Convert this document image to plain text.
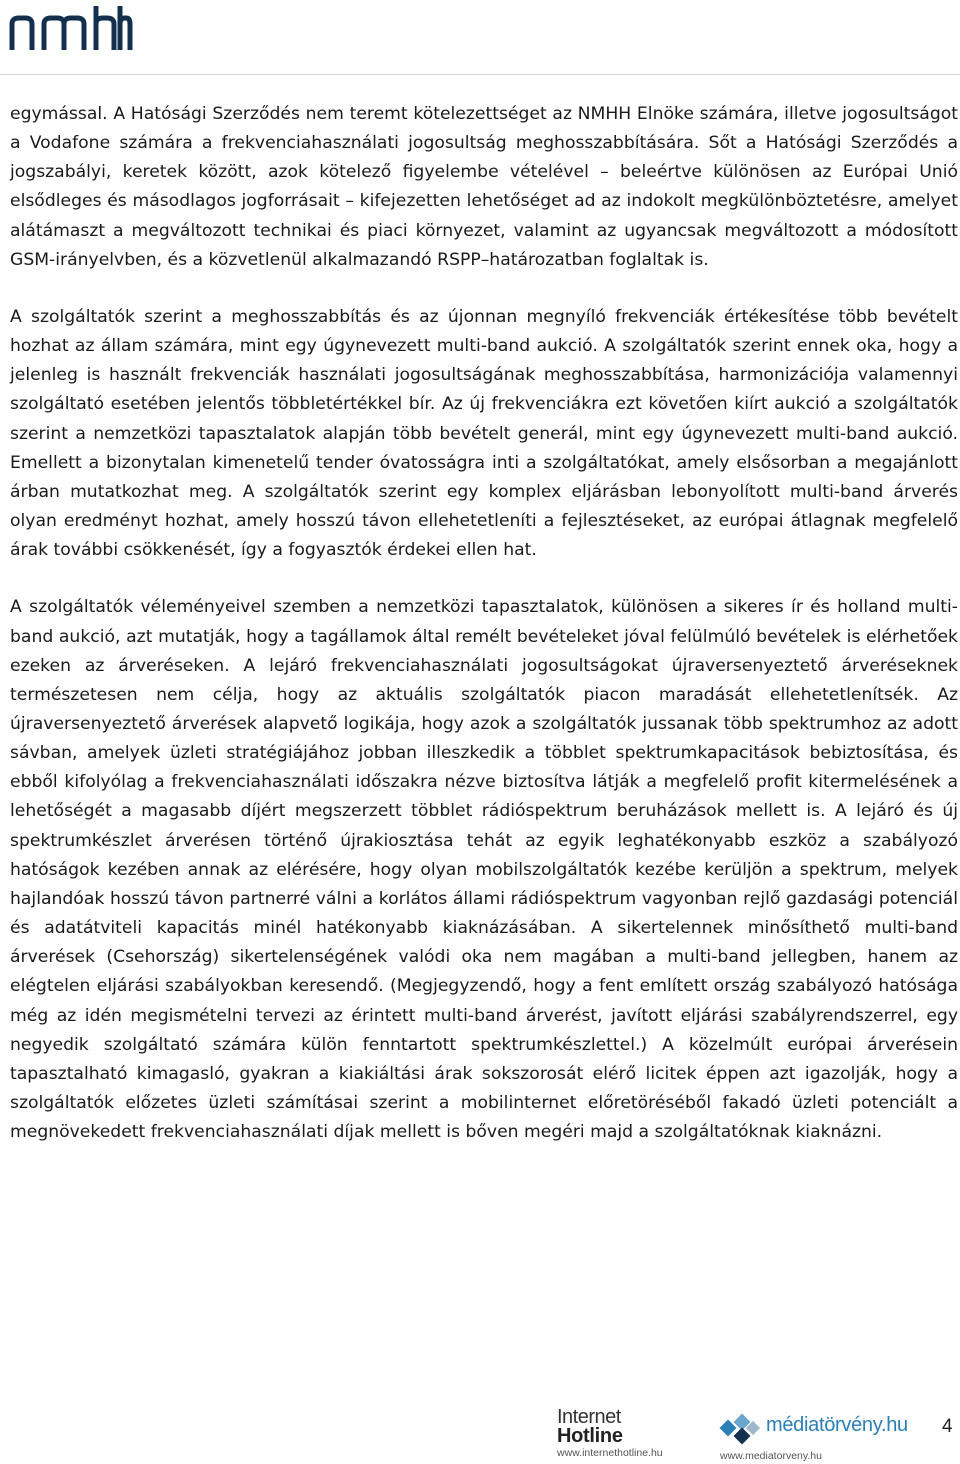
egymással. A Hatósági Szerződés nem teremt kötelezettséget az NMHH Elnöke számára, illetve jogosultságot a Vodafone számára a frekvenciahasználati jogosultság meghosszabbítására. Sőt a Hatósági Szerződés a jogszabályi, keretek között, azok kötelező figyelembe vételével – beleértve különösen az Európai Unió elsődleges és másodlagos jogforrásait – kifejezetten lehetőséget ad az indokolt megkülönböztetésre, amelyet alátámaszt a megváltozott technikai és piaci környezet, valamint az ugyancsak megváltozott a módosított GSM-irányelvben, és a közvetlenül alkalmazandó RSPP–határozatban foglaltak is.

A szolgáltatók szerint a meghosszabbítás és az újonnan megnyíló frekvenciák értékesítése több bevételt hozhat az állam számára, mint egy úgynevezett multi-band aukció. A szolgáltatók szerint ennek oka, hogy a jelenleg is használt frekvenciák használati jogosultságának meghosszabbítása, harmonizációja valamennyi szolgáltató esetében jelentős többletértékkel bír. Az új frekvenciákra ezt követően kiírt aukció a szolgáltatók szerint a nemzetközi tapasztalatok alapján több bevételt generál, mint egy úgynevezett multi-band aukció. Emellett a bizonytalan kimenetelű tender óvatosságra inti a szolgáltatókat, amely elsősorban a megajánlott árban mutatkozhat meg. A szolgáltatók szerint egy komplex eljárásban lebonyolított multi-band árverés olyan eredményt hozhat, amely hosszú távon ellehetetleníti a fejlesztéseket, az európai átlagnak megfelelő árak további csökkenését, így a fogyasztók érdekei ellen hat.

A szolgáltatók véleményeivel szemben a nemzetközi tapasztalatok, különösen a sikeres ír és holland multi-band aukció, azt mutatják, hogy a tagállamok által remélt bevételeket jóval felülmúló bevételek is elérhetőek ezeken az árveréseken. A lejáró frekvenciahasználati jogosultságokat újraversenyeztető árveréseknek természetesen nem célja, hogy az aktuális szolgáltatók piacon maradását ellehetetlenítsék. Az újraversenyeztető árverések alapvető logikája, hogy azok a szolgáltatók jussanak több spektrumhoz az adott sávban, amelyek üzleti stratégiájához jobban illeszkedik a többlet spektrumkapacitások bebiztosítása, és ebből kifolyólag a frekvenciahasználati időszakra nézve biztosítva látják a megfelelő profit kitermelésének a lehetőségét a magasabb díjért megszerzett többlet rádióspektrum beruházások mellett is. A lejáró és új spektrumkészlet árverésen történő újrakiosztása tehát az egyik leghatékonyabb eszköz a szabályozó hatóságok kezében annak az elérésére, hogy olyan mobilszolgáltatók kezébe kerüljön a spektrum, melyek hajlandóak hosszú távon partnerré válni a korlátos állami rádióspektrum vagyonban rejlő gazdasági potenciál és adatátviteli kapacitás minél hatékonyabb kiaknázásában. A sikertelennek minősíthető multi-band árverések (Csehország) sikertelenségének valódi oka nem magában a multi-band jellegben, hanem az elégtelen eljárási szabályokban keresendő. (Megjegyzendő, hogy a fent említett ország szabályozó hatósága még az idén megismételni tervezi az érintett multi-band árverést, javított eljárási szabályrendszerrel, egy negyedik szolgáltató számára külön fenntartott spektrumkészlettel.) A közelmúlt európai árverésein tapasztalható kimagasló, gyakran a kiakiáltási árak sokszorosát elérő licitek éppen azt igazolják, hogy a szolgáltatók előzetes üzleti számításai szerint a mobilinternet előretöréséből fakadó üzleti potenciált a megnövekedett frekvenciahasználati díjak mellett is bőven megéri majd a szolgáltatóknak kiaknázni.

Internet
Hotline
www.internethotline.hu
médiatörvény.hu
www.mediatorveny.hu
4
